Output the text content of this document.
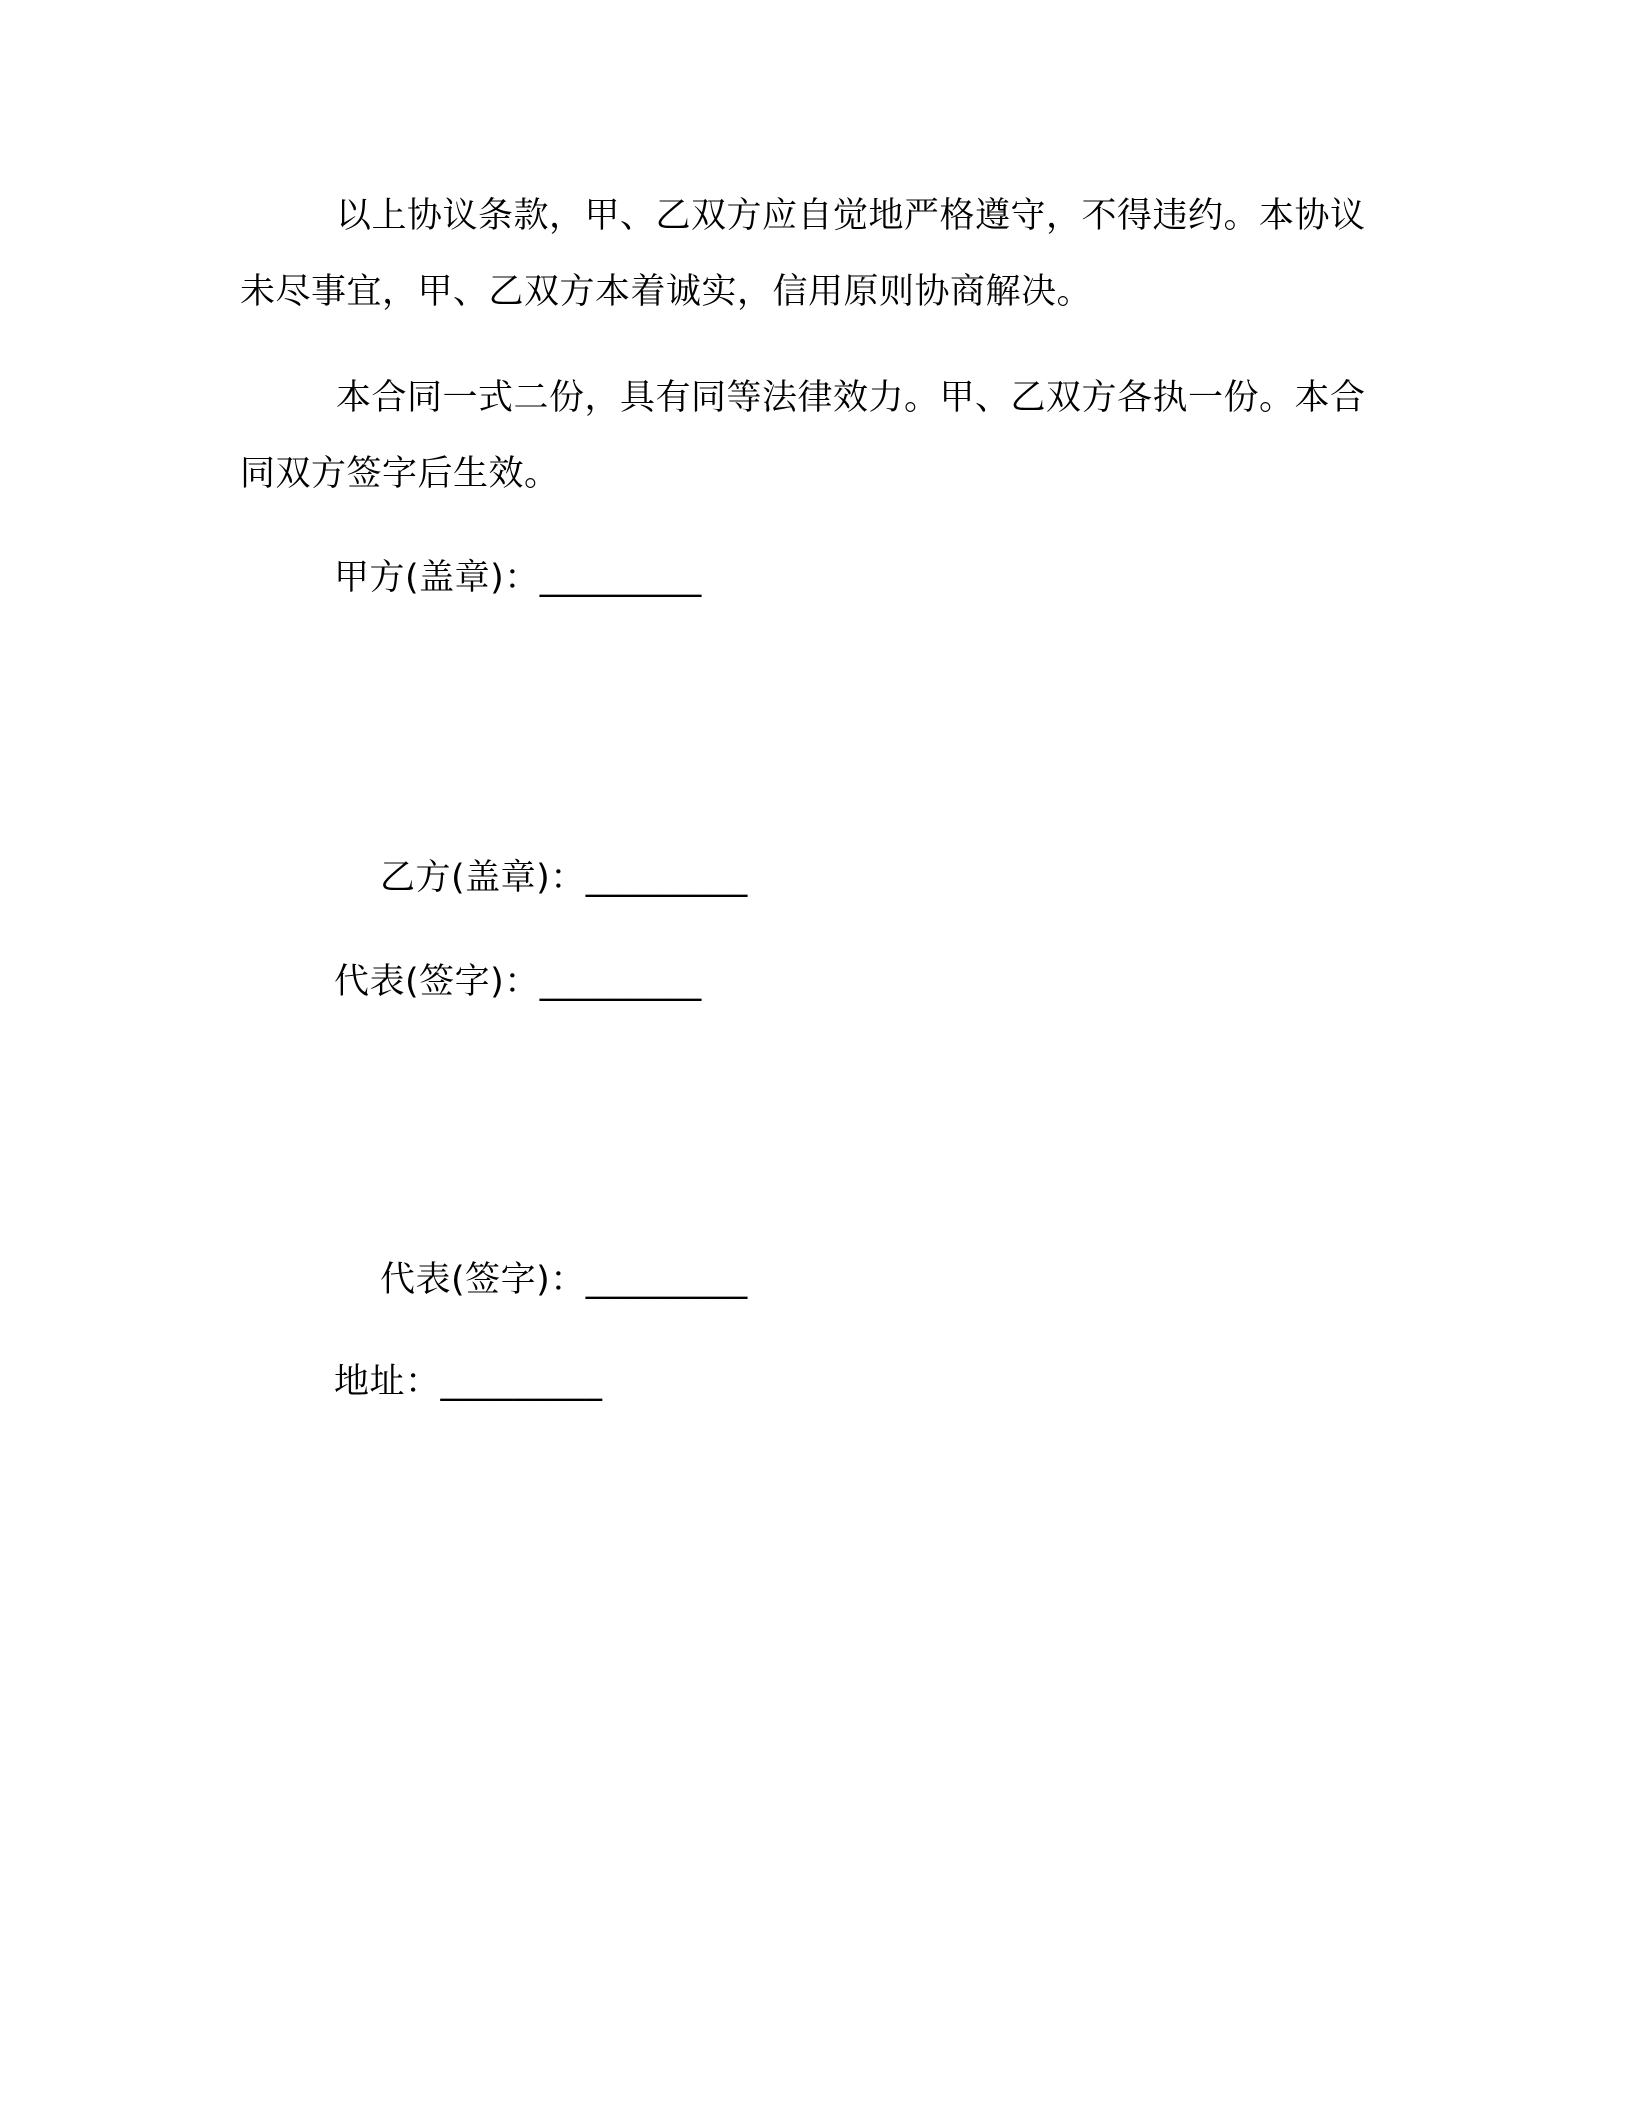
以上协议条款，甲、乙双方应自觉地严格遵守，不得违约。本协议未尽事宜，甲、乙双方本着诚实，信用原则协商解决。

本合同一式二份，具有同等法律效力。甲、乙双方各执一份。本合同双方签字后生效。

甲方(盖章)：_________
乙方(盖章)：_________
代表(签字)：_________
代表(签字)：_________
地址：_________
